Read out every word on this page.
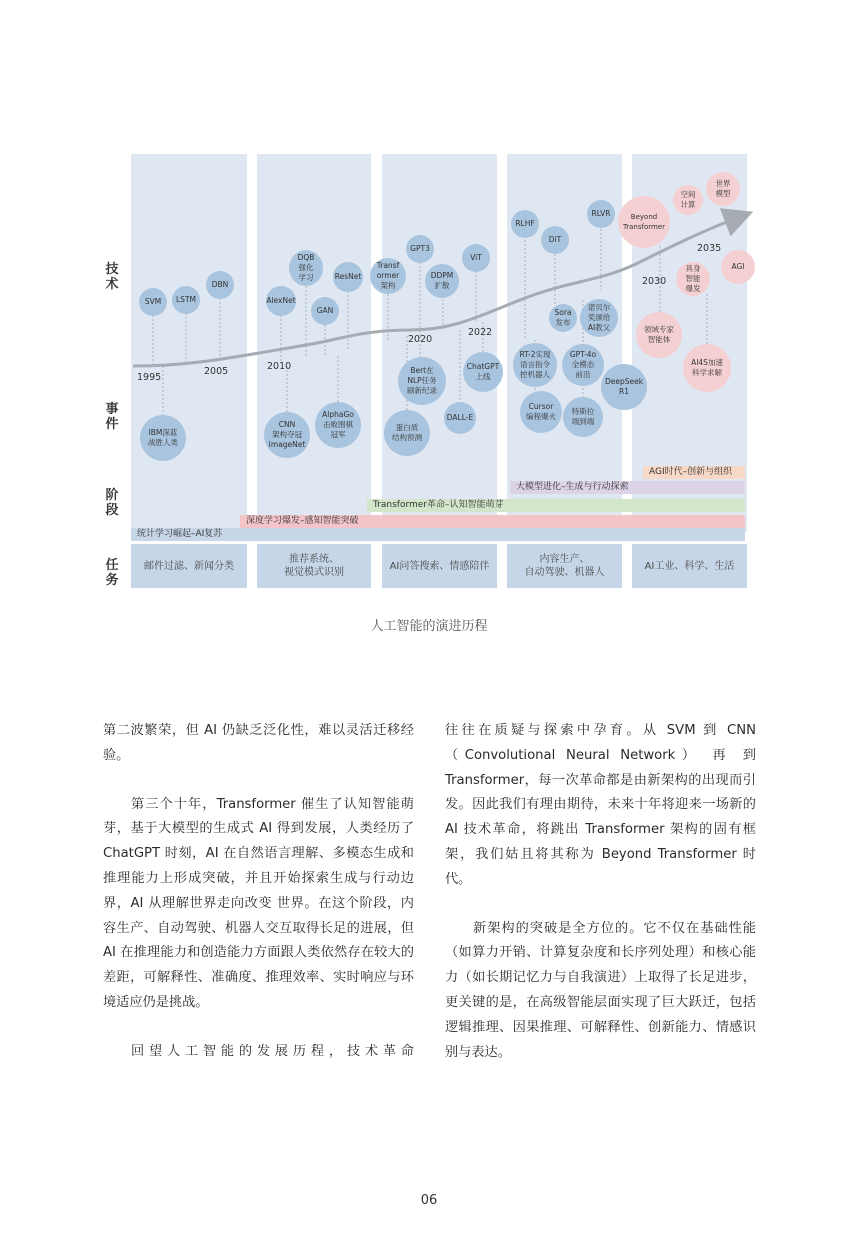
技
术
事
件
阶
段
任
务
1995
2005	2010
2020
2022
2030
2035
SVM	LSTM
DBN
AlexNet
DQB
强化
学习
GAN
ResNet
Transf
ormer
架构
GPT3
DDPM
扩散
ViT
RLHF
DiT
RLVR
Sora
发布
诺贝尔
奖颁给
AI教父
Beyond
Transformer
空间
计算
世界
模型
具身
智能
爆发
AGI
领域专家
智能体
IBM深蓝
战胜人类
CNN
架构夺冠
ImageNet
AlphaGo
击败围棋
冠军
Bert在
NLP任务
刷新纪录
蛋白质
结构预测
DALL-E
ChatGPT
上线
RT-2实现
语言指令
控机器人
GPT-4o
全模态
前沿
DeepSeek
R1
Cursor
编程爆火
特斯拉
端到端
AI4S加速
科学求解
AGI时代–创新与组织
大模型进化–生成与行动探索
Transformer革命–认知智能萌芽
深度学习爆发–感知智能突破
统计学习崛起–AI复苏
邮件过滤、新闻分类
推荐系统、
视觉模式识别
AI问答搜索、情感陪伴
内容生产、
自动驾驶、机器人
AI工业、科学、生活
人工智能的演进历程

第二波繁荣，但 AI 仍缺乏泛化性，难以灵活迁移经验。

第三个十年，Transformer 催生了认知智能萌芽，基于大模型的生成式 AI 得到发展，人类经历了 ChatGPT 时刻，AI 在自然语言理解、多模态生成和推理能力上形成突破，并且开始探索生成与行动边界，AI 从理解世界走向改变 世界。在这个阶段，内容生产、自动驾驶、机器人交互取得长足的进展，但 AI 在推理能力和创造能力方面跟人类依然存在较大的差距，可解释性、准确度、推理效率、实时响应与环境适应仍是挑战。

回望人工智能的发展历程，技术革命

往往在质疑与探索中孕育。从 SVM 到 CNN（Convolutional Neural Network） 再 到 Transformer，每一次革命都是由新架构的出现而引发。因此我们有理由期待，未来十年将迎来一场新的 AI 技术革命，将跳出 Transformer 架构的固有框架，我们姑且将其称为 Beyond Transformer 时代。

新架构的突破是全方位的。它不仅在基础性能（如算力开销、计算复杂度和长序列处理）和核心能力（如长期记忆力与自我演进）上取得了长足进步，更关键的是，在高级智能层面实现了巨大跃迁，包括逻辑推理、因果推理、可解释性、创新能力、情感识别与表达。

06
